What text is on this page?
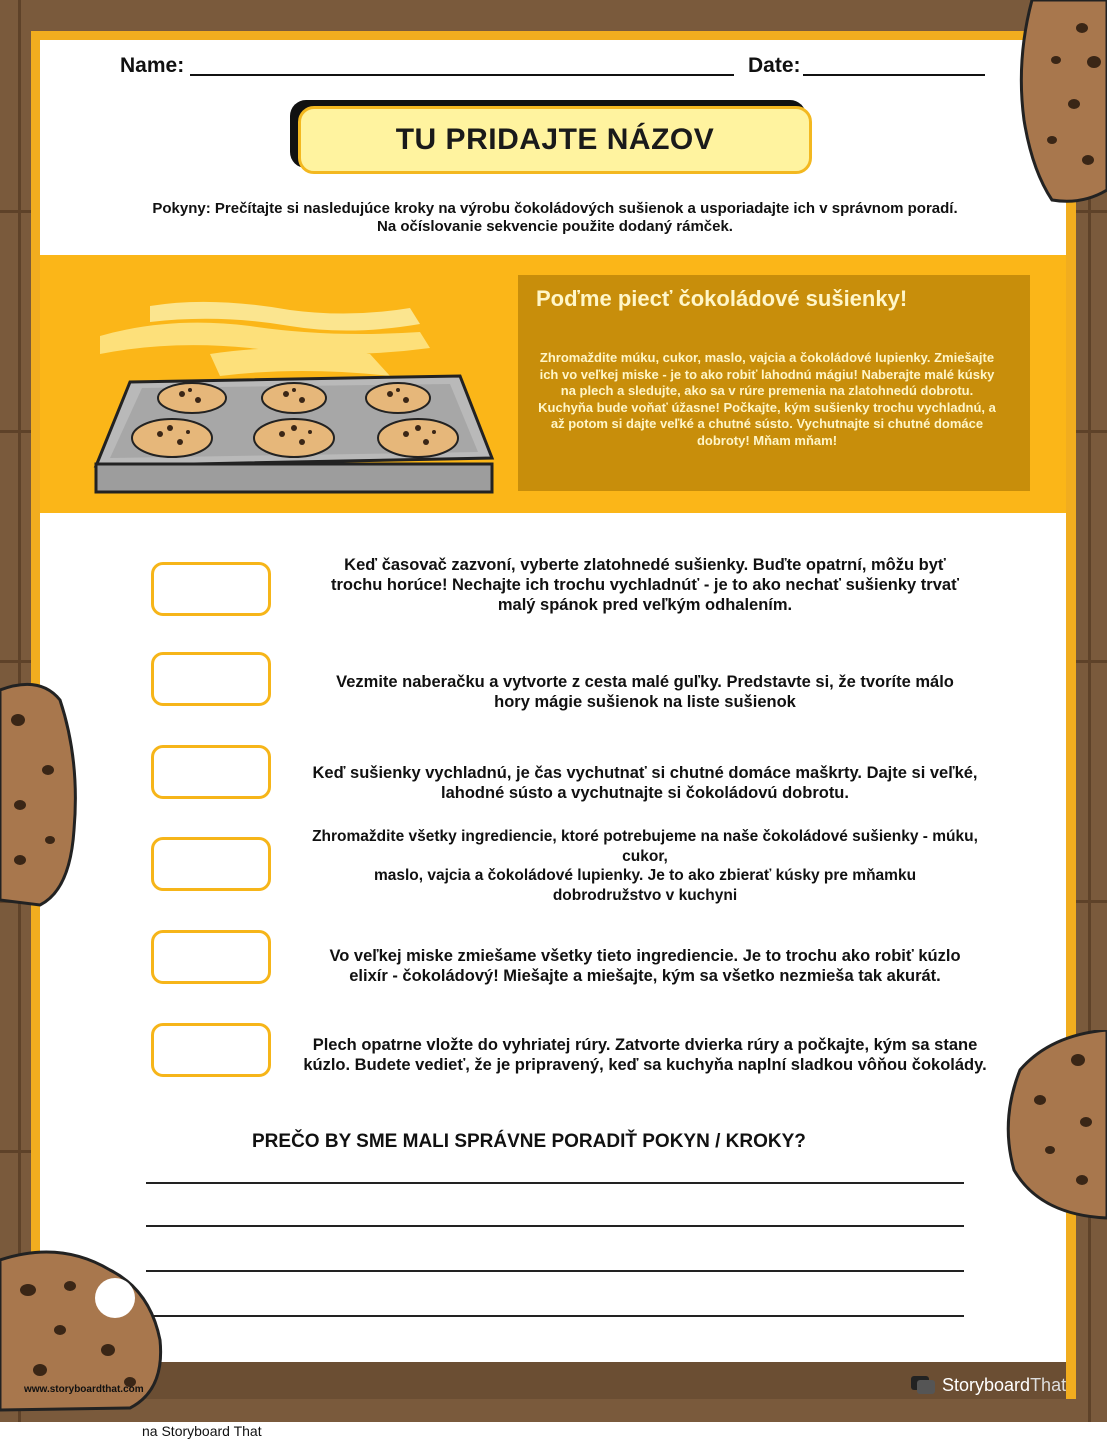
Name:	Date:
TU PRIDAJTE NÁZOV
Pokyny: Prečítajte si nasledujúce kroky na výrobu čokoládových sušienok a usporiadajte ich v správnom poradí.
Na očíslovanie sekvencie použite dodaný rámček.
Poďme piecť čokoládové sušienky!
Zhromaždite múku, cukor, maslo, vajcia a čokoládové lupienky. Zmiešajte ich vo veľkej miske - je to ako robiť lahodnú mágiu! Naberajte malé kúsky na plech a sledujte, ako sa v rúre premenia na zlatohnedú dobrotu. Kuchyňa bude voňať úžasne! Počkajte, kým sušienky trochu vychladnú, a až potom si dajte veľké a chutné sústo. Vychutnajte si chutné domáce dobroty! Mňam mňam!
Keď časovač zazvoní, vyberte zlatohnedé sušienky. Buďte opatrní, môžu byť
trochu horúce! Nechajte ich trochu vychladnúť - je to ako nechať sušienky trvať
malý spánok pred veľkým odhalením.
Vezmite naberačku a vytvorte z cesta malé guľky. Predstavte si, že tvoríte málo
hory mágie sušienok na liste sušienok
Keď sušienky vychladnú, je čas vychutnať si chutné domáce maškrty. Dajte si veľké,
lahodné sústo a vychutnajte si čokoládovú dobrotu.
Zhromaždite všetky ingrediencie, ktoré potrebujeme na naše čokoládové sušienky - múku,
cukor,
maslo, vajcia a čokoládové lupienky. Je to ako zbierať kúsky pre mňamku
dobrodružstvo v kuchyni
Vo veľkej miske zmiešame všetky tieto ingrediencie. Je to trochu ako robiť kúzlo
elixír - čokoládový! Miešajte a miešajte, kým sa všetko nezmieša tak akurát.
Plech opatrne vložte do vyhriatej rúry. Zatvorte dvierka rúry a počkajte, kým sa stane
kúzlo. Budete vedieť, že je pripravený, keď sa kuchyňa naplní sladkou vôňou čokolády.
PREČO BY SME MALI SPRÁVNE PORADIŤ POKYN / KROKY?
Storyboard That
www.storyboardthat.com
na Storyboard That
